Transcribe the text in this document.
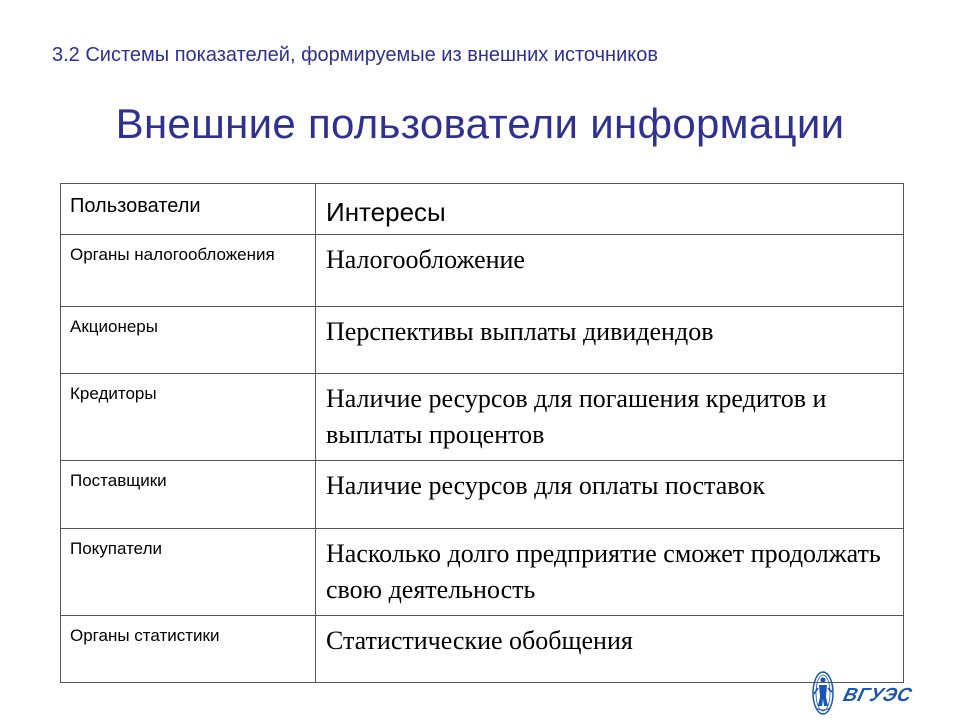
3.2 Системы показателей, формируемые из внешних источников
Внешние пользователи информации
Пользователи	Интересы
Органы налогообложения	Налогообложение
Акционеры	Перспективы выплаты дивидендов
Кредиторы	Наличие ресурсов для погашения кредитов и выплаты процентов
Поставщики	Наличие ресурсов для оплаты поставок
Покупатели	Насколько долго предприятие сможет продолжать свою деятельность
Органы статистики	Статистические обобщения
ВГУЭС
